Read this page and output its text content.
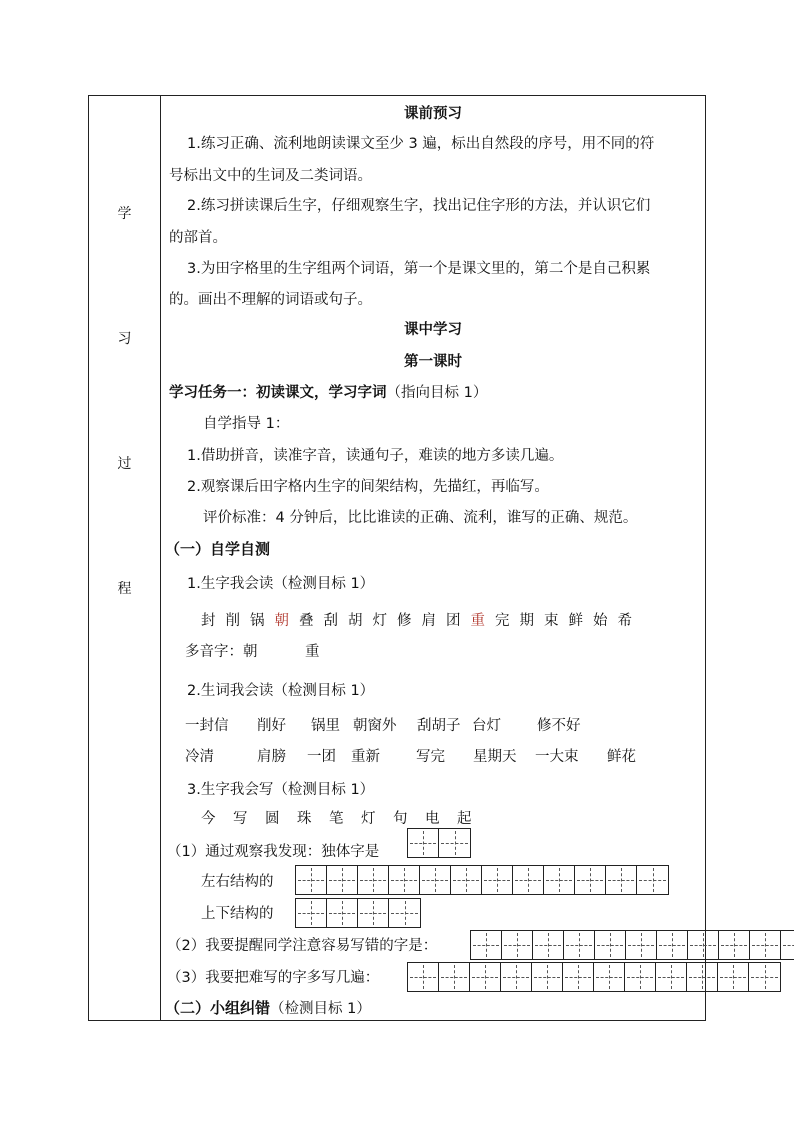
学
习
过
程
课前预习
1.练习正确、流利地朗读课文至少 3 遍，标出自然段的序号，用不同的符
号标出文中的生词及二类词语。
2.练习拼读课后生字，仔细观察生字，找出记住字形的方法，并认识它们
的部首。
3.为田字格里的生字组两个词语，第一个是课文里的，第二个是自己积累
的。画出不理解的词语或句子。
课中学习
第一课时
学习任务一：初读课文，学习字词（指向目标 1）
自学指导 1：
1.借助拼音，读准字音，读通句子，难读的地方多读几遍。
2.观察课后田字格内生字的间架结构，先描红，再临写。
评价标准：4 分钟后，比比谁读的正确、流利，谁写的正确、规范。
（一）自学自测
1.生字我会读（检测目标 1）
封 削 锅 朝 叠 刮 胡 灯 修 肩 团 重 完 期 束 鲜 始 希
多音字：朝	重
2.生词我会读（检测目标 1）
一封信 削好 锅里 朝窗外 刮胡子 台灯 修不好
冷清	肩膀 一团 重新 写完 星期天 一大束 鲜花
3.生字我会写（检测目标 1）
今 写 圆 珠 笔 灯 句 电 起
（1）通过观察我发现：独体字是
左右结构的
上下结构的
（2）我要提醒同学注意容易写错的字是：
（3）我要把难写的字多写几遍：
（二）小组纠错（检测目标 1）
